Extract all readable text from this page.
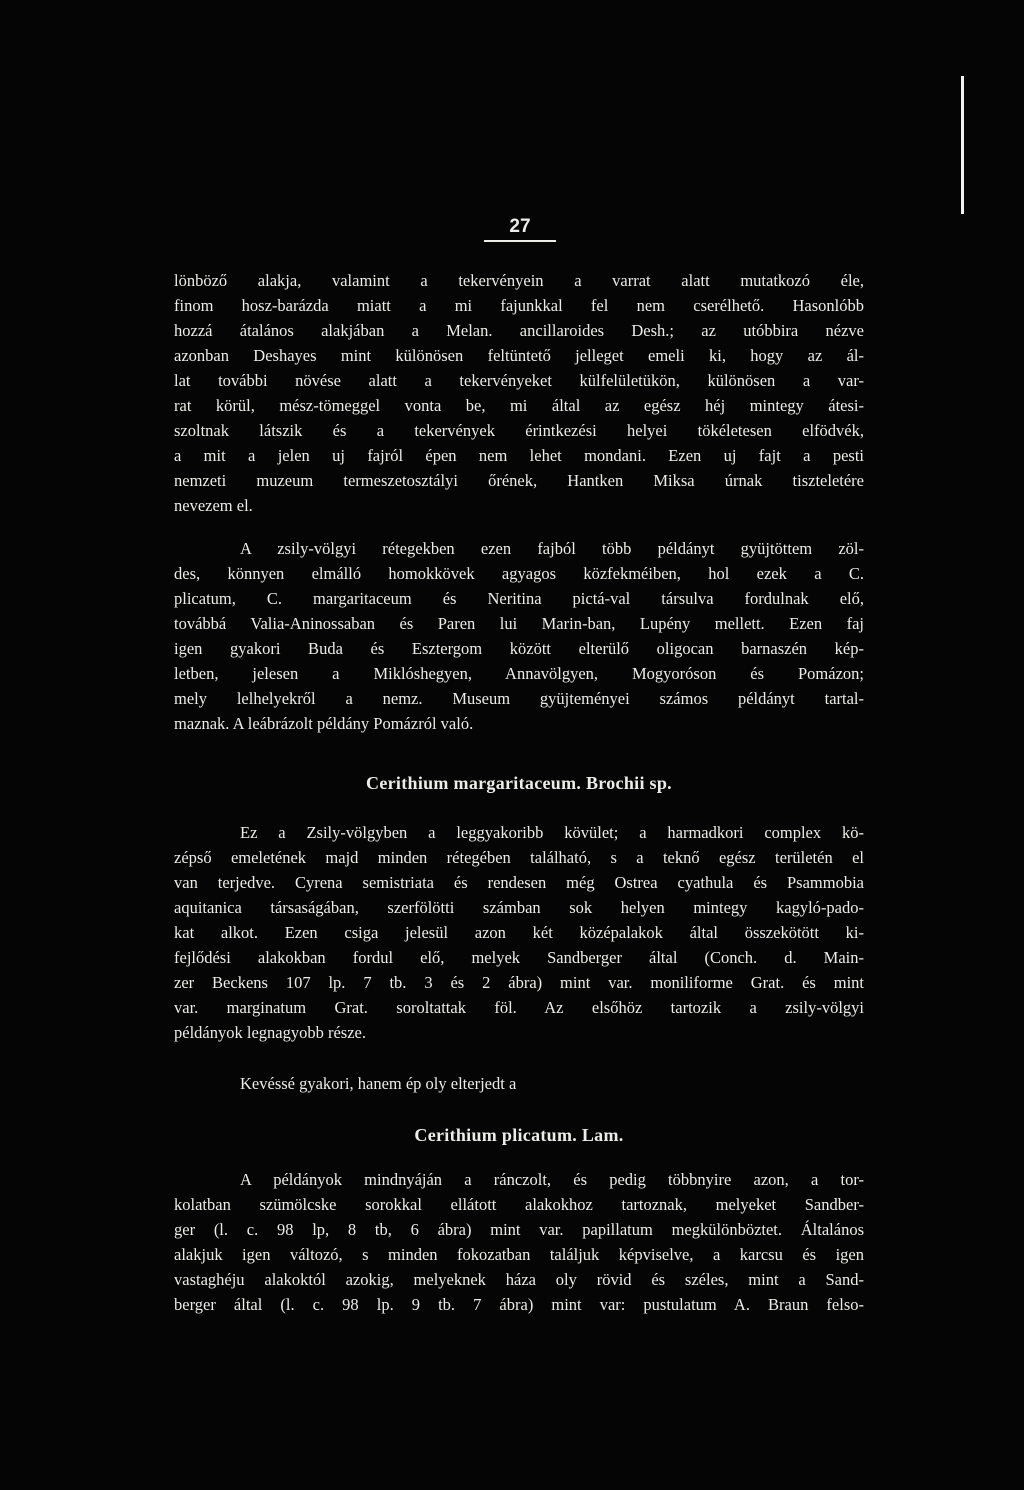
27
lönböző alakja, valamint a tekervényein a varrat alatt mutatkozó éle,
finom hosz-barázda miatt a mi fajunkkal fel nem cserélhető. Hasonlóbb
hozzá átalános alakjában a Melan. ancillaroides Desh.; az utóbbira nézve
azonban Deshayes mint különösen feltüntető jelleget emeli ki, hogy az ál-
lat további növése alatt a tekervényeket külfelületükön, különösen a var-
rat körül, mész-tömeggel vonta be, mi által az egész héj mintegy átesi-
szoltnak látszik és a tekervények érintkezési helyei tökéletesen elfödvék,
a mit a jelen uj fajról épen nem lehet mondani. Ezen uj fajt a pesti
nemzeti muzeum termeszetosztályi őrének, Hantken Miksa úrnak tiszteletére
nevezem el.
A zsily-völgyi rétegekben ezen fajból több példányt gyüjtöttem zöl-
des, könnyen elmálló homokkövek agyagos közfekméiben, hol ezek a C.
plicatum, C. margaritaceum és Neritina pictá-val társulva fordulnak elő,
továbbá Valia-Aninossaban és Paren lui Marin-ban, Lupény mellett. Ezen faj
igen gyakori Buda és Esztergom között elterülő oligocan barnaszén kép-
letben, jelesen a Miklóshegyen, Annavölgyen, Mogyoróson és Pomázon;
mely lelhelyekről a nemz. Museum gyüjteményei számos példányt tartal-
maznak. A leábrázolt példány Pomázról való.
Cerithium margaritaceum. Brochii sp.
Ez a Zsily-völgyben a leggyakoribb kövület; a harmadkori complex kö-
zépső emeletének majd minden rétegében található, s a teknő egész területén el
van terjedve. Cyrena semistriata és rendesen még Ostrea cyathula és Psammobia
aquitanica társaságában, szerfölötti számban sok helyen mintegy kagyló-pado-
kat alkot. Ezen csiga jelesül azon két középalakok által összekötött ki-
fejlődési alakokban fordul elő, melyek Sandberger által (Conch. d. Main-
zer Beckens 107 lp. 7 tb. 3 és 2 ábra) mint var. moniliforme Grat. és mint
var. marginatum Grat. soroltattak föl. Az elsőhöz tartozik a zsily-völgyi
példányok legnagyobb része.
Kevéssé gyakori, hanem ép oly elterjedt a
Cerithium plicatum. Lam.
A példányok mindnyáján a ránczolt, és pedig többnyire azon, a tor-
kolatban szümölcske sorokkal ellátott alakokhoz tartoznak, melyeket Sandber-
ger (l. c. 98 lp, 8 tb, 6 ábra) mint var. papillatum megkülönböztet. Általános
alakjuk igen változó, s minden fokozatban találjuk képviselve, a karcsu és igen
vastaghéju alakoktól azokig, melyeknek háza oly rövid és széles, mint a Sand-
berger által (l. c. 98 lp. 9 tb. 7 ábra) mint var: pustulatum A. Braun felso-
